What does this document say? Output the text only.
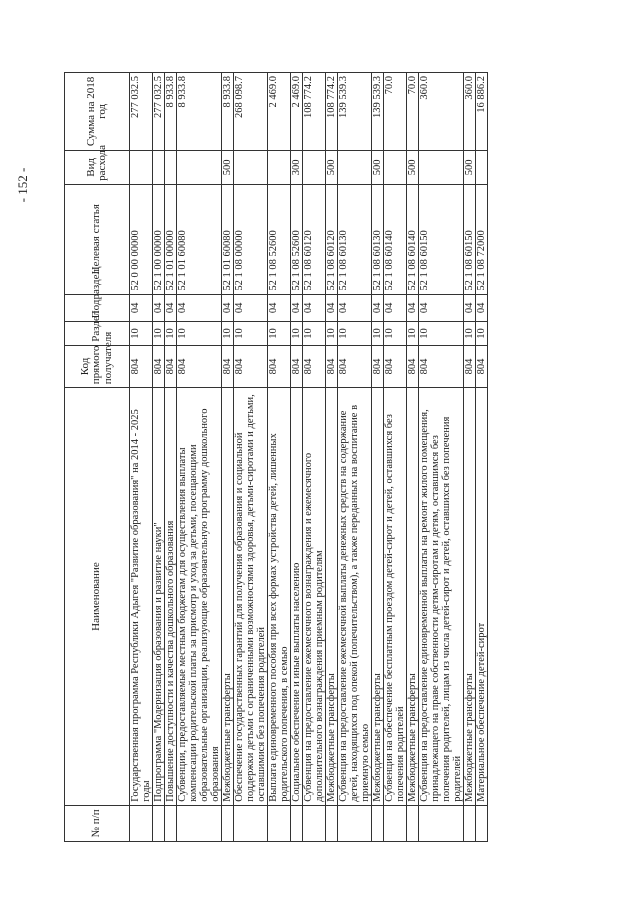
- 152 -
№ п/п	Наименование	Код прямого получателя	Раздел	Подраздел	Целевая статья	Вид расхода	Сумма на 2018 год
	Государственная программа Республики Адыгея "Развитие образования" на 2014 - 2025 годы	804	10	04	52 0 00 00000		277 032.5
	Подпрограмма "Модернизация образования и развитие науки"	804	10	04	52 1 00 00000		277 032.5
	Повышение доступности и качества дошкольного образования	804	10	04	52 1 01 00000		8 933.8
	Субвенции, предоставляемые местным бюджетам для осуществления выплаты компенсации родительской платы за присмотр и уход за детьми, посещающими образовательные организации, реализующие образовательную программу дошкольного образования	804	10	04	52 1 01 60080		8 933.8
	Межбюджетные трансферты	804	10	04	52 1 01 60080	500	8 933.8
	Обеспечение государственных гарантий для получения образования и социальной поддержки детьми с ограниченными возможностями здоровья, детьми-сиротами и детьми, оставшимися без попечения родителей	804	10	04	52 1 08 00000		268 098.7
	Выплата единовременного пособия при всех формах устройства детей, лишенных родительского попечения, в семью	804	10	04	52 1 08 52600		2 469.0
	Социальное обеспечение и иные выплаты населению	804	10	04	52 1 08 52600	300	2 469.0
	Субвенция на предоставление ежемесячного вознаграждения и ежемесячного дополнительного вознаграждения приемным родителям	804	10	04	52 1 08 60120		108 774.2
	Межбюджетные трансферты	804	10	04	52 1 08 60120	500	108 774.2
	Субвенция на предоставление ежемесячной выплаты денежных средств на содержание детей, находящихся под опекой (попечительством), а также переданных на воспитание в приемную семью	804	10	04	52 1 08 60130		139 539.3
	Межбюджетные трансферты	804	10	04	52 1 08 60130	500	139 539.3
	Субвенция на обеспечение бесплатным проездом детей-сирот и детей, оставшихся без попечения родителей	804	10	04	52 1 08 60140		70.0
	Межбюджетные трансферты	804	10	04	52 1 08 60140	500	70.0
	Субвенция на предоставление единовременной выплаты на ремонт жилого помещения, принадлежащего на праве собственности детям-сиротам и детям, оставшимся без попечения родителей, лицам из числа детей-сирот и детей, оставшихся без попечения родителей	804	10	04	52 1 08 60150		360.0
	Межбюджетные трансферты	804	10	04	52 1 08 60150	500	360.0
	Материальное обеспечение детей-сирот	804	10	04	52 1 08 72000		16 886.2
